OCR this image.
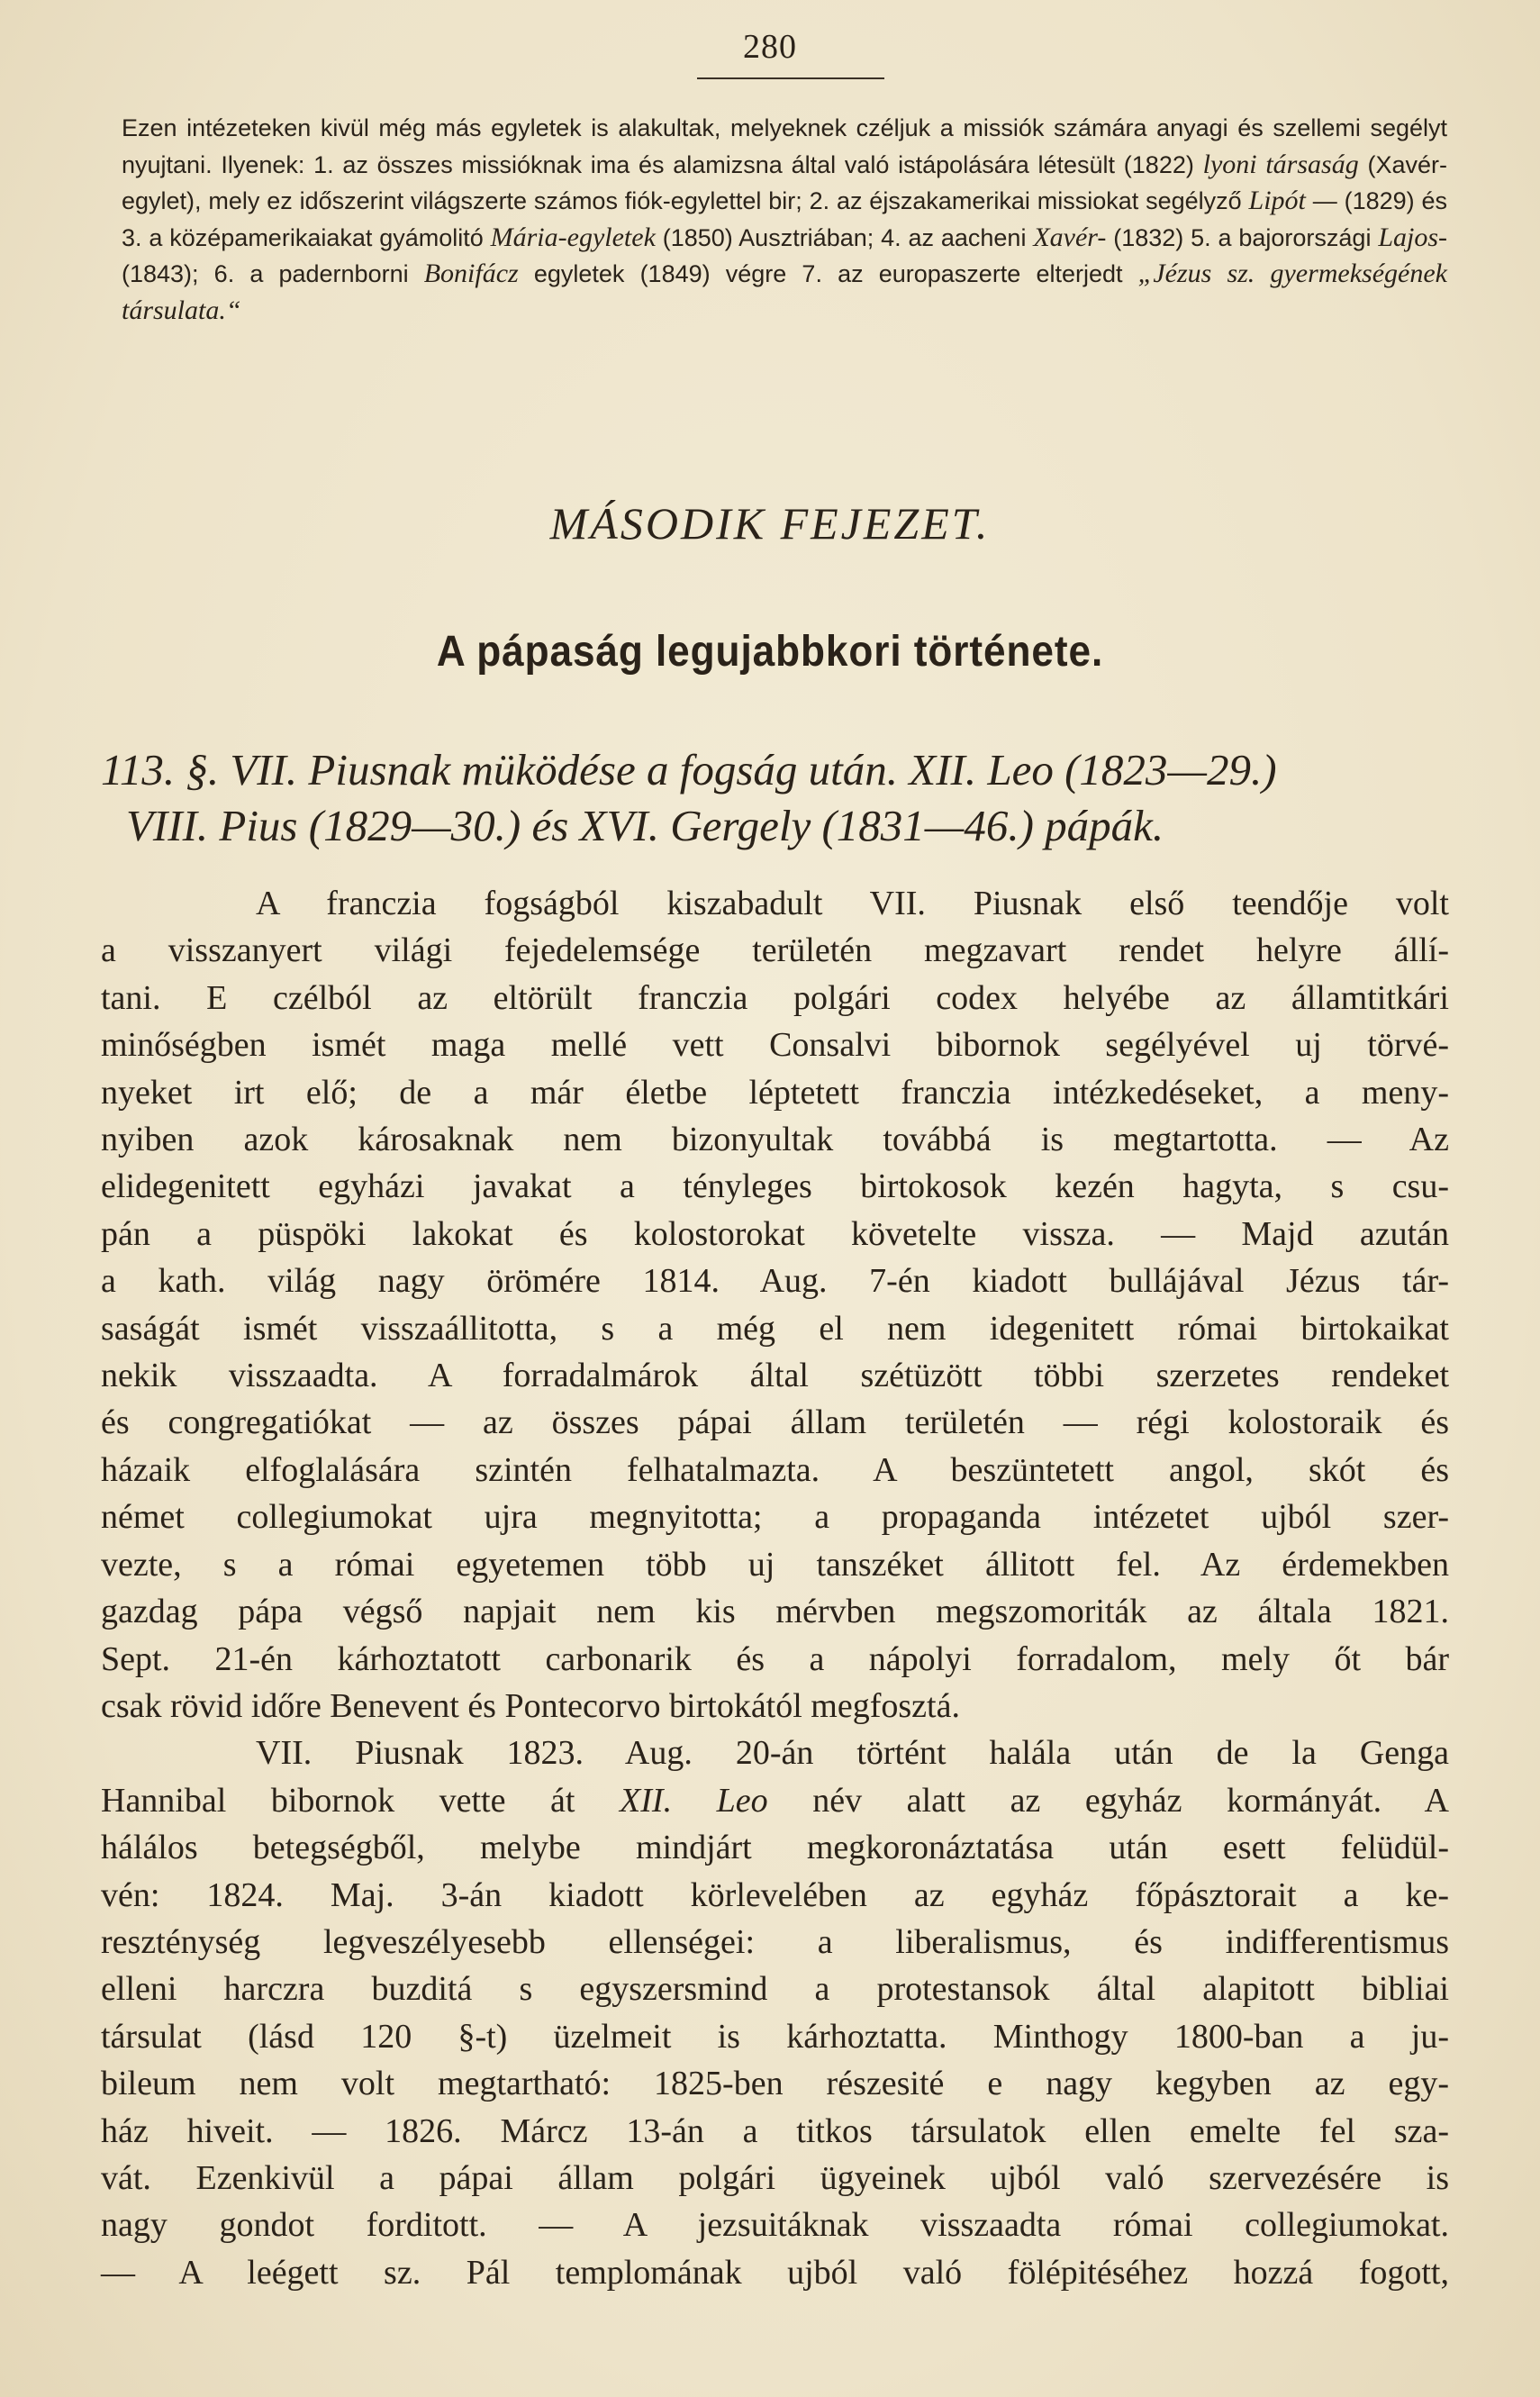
280
Ezen intézeteken kivül még más egyletek is alakultak, melyeknek czéljuk a missiók számára anyagi és szellemi segélyt nyujtani. Ilyenek: 1. az összes missióknak ima és alamizsna által való istápolására létesült (1822) lyoni társaság (Xavér-egylet), mely ez időszerint világszerte számos fiók-egylettel bir; 2. az éjszakamerikai missiokat segélyző Lipót — (1829) és 3. a középamerikaiakat gyámolitó Mária-egyletek (1850) Ausztriában; 4. az aacheni Xavér- (1832) 5. a bajorországi Lajos- (1843); 6. a padernborni Bonifácz egyletek (1849) végre 7. az europaszerte elterjedt „Jézus sz. gyermekségének társulata.“
MÁSODIK FEJEZET.
A pápaság legujabbkori története.
113. §. VII. Piusnak müködése a fogság után. XII. Leo (1823—29.)
VIII. Pius (1829—30.) és XVI. Gergely (1831—46.) pápák.
A franczia fogságból kiszabadult VII. Piusnak első teendője volt
a visszanyert világi fejedelemsége területén megzavart rendet helyre állí-
tani. E czélból az eltörült franczia polgári codex helyébe az államtitkári
minőségben ismét maga mellé vett Consalvi bibornok segélyével uj törvé-
nyeket irt elő; de a már életbe léptetett franczia intézkedéseket, a meny-
nyiben azok károsaknak nem bizonyultak továbbá is megtartotta. — Az
elidegenitett egyházi javakat a tényleges birtokosok kezén hagyta, s csu-
pán a püspöki lakokat és kolostorokat követelte vissza. — Majd azután
a kath. világ nagy örömére 1814. Aug. 7-én kiadott bullájával Jézus tár-
saságát ismét visszaállitotta, s a még el nem idegenitett római birtokaikat
nekik visszaadta. A forradalmárok által szétüzött többi szerzetes rendeket
és congregatiókat — az összes pápai állam területén — régi kolostoraik és
házaik elfoglalására szintén felhatalmazta. A beszüntetett angol, skót és
német collegiumokat ujra megnyitotta; a propaganda intézetet ujból szer-
vezte, s a római egyetemen több uj tanszéket állitott fel. Az érdemekben
gazdag pápa végső napjait nem kis mérvben megszomoriták az általa 1821.
Sept. 21-én kárhoztatott carbonarik és a nápolyi forradalom, mely őt bár
csak rövid időre Benevent és Pontecorvo birtokától megfosztá.
VII. Piusnak 1823. Aug. 20-án történt halála után de la Genga
Hannibal bibornok vette át XII. Leo név alatt az egyház kormányát. A
hálálos betegségből, melybe mindjárt megkoronáztatása után esett felüdül-
vén: 1824. Maj. 3-án kiadott körlevelében az egyház főpásztorait a ke-
reszténység legveszélyesebb ellenségei: a liberalismus, és indifferentismus
elleni harczra buzditá s egyszersmind a protestansok által alapitott bibliai
társulat (lásd 120 §-t) üzelmeit is kárhoztatta. Minthogy 1800-ban a ju-
bileum nem volt megtartható: 1825-ben részesité e nagy kegyben az egy-
ház hiveit. — 1826. Márcz 13-án a titkos társulatok ellen emelte fel sza-
vát. Ezenkivül a pápai állam polgári ügyeinek ujból való szervezésére is
nagy gondot forditott. — A jezsuitáknak visszaadta római collegiumokat.
— A leégett sz. Pál templomának ujból való fölépitéséhez hozzá fogott,
